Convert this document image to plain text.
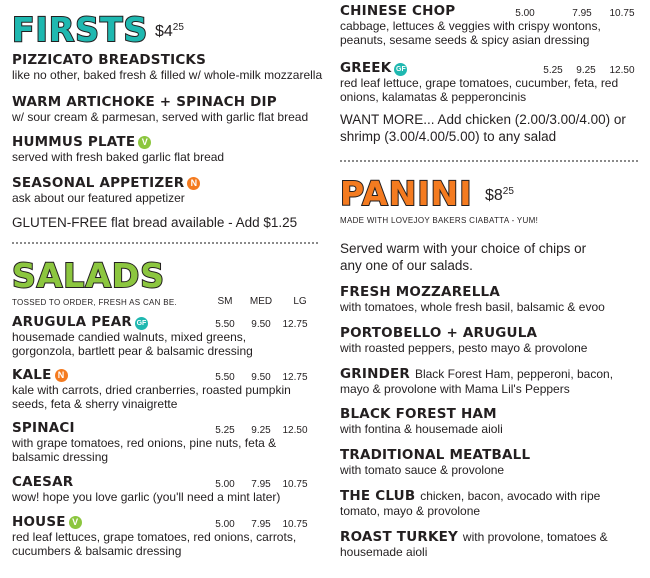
FIRSTS $\$4^{25}$
PIZZICATO BREADSTICKS
like no other, baked fresh & filled w/ whole-milk mozzarella
WARM ARTICHOKE + SPINACH DIP
w/ sour cream & parmesan, served with garlic flat bread
HUMMUS PLATE V
served with fresh baked garlic flat bread
SEASONAL APPETIZER N
ask about our featured appetizer
GLUTEN-FREE flat bread available - Add $1.25
SALADS
TOSSED TO ORDER, FRESH AS CAN BE.	SM	MED	LG
ARUGULA PEAR GF
housemade candied walnuts, mixed greens,
gorgonzola, bartlett pear & balsamic dressing
5.50	9.50	12.75
KALE N
kale with carrots, dried cranberries, roasted pumpkin
seeds, feta & sherry vinaigrette
5.50	9.50	12.75
SPINACI
with grape tomatoes, red onions, pine nuts, feta &
balsamic dressing
5.25	9.25	12.50
CAESAR
wow! hope you love garlic (you'll need a mint later)
5.00	7.95	10.75
HOUSE V
red leaf lettuces, grape tomatoes, red onions, carrots,
cucumbers & balsamic dressing
5.00	7.95	10.75
CHINESE CHOP
cabbage, lettuces & veggies with crispy wontons,
peanuts, sesame seeds & spicy asian dressing
5.00	7.95	10.75
GREEK GF
red leaf lettuce, grape tomatoes, cucumber, feta, red
onions, kalamatas & pepperoncinis
5.25	9.25	12.50
WANT MORE... Add chicken (2.00/3.00/4.00) or
shrimp (3.00/4.00/5.00) to any salad
PANINI $\$8^{25}$
MADE WITH LOVEJOY BAKERS CIABATTA - YUM!
Served warm with your choice of chips or
any one of our salads.
FRESH MOZZARELLA
with tomatoes, whole fresh basil, balsamic & evoo
PORTOBELLO + ARUGULA
with roasted peppers, pesto mayo & provolone
GRINDER Black Forest Ham, pepperoni, bacon,
mayo & provolone with Mama Lil's Peppers
BLACK FOREST HAM
with fontina & housemade aioli
TRADITIONAL MEATBALL
with tomato sauce & provolone
THE CLUB chicken, bacon, avocado with ripe
tomato, mayo & provolone
ROAST TURKEY with provolone, tomatoes &
housemade aioli
